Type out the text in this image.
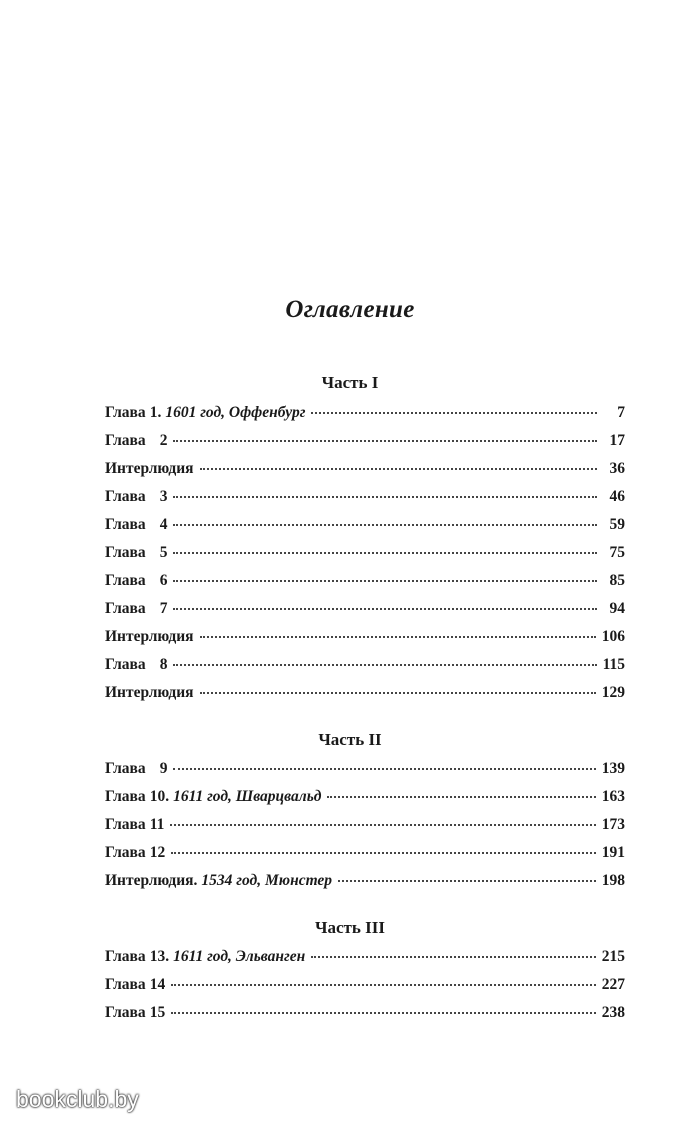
Оглавление
Часть I
Глава 1. 1601 год, Оффенбург	7
Глава 2	17
Интерлюдия	36
Глава 3	46
Глава 4	59
Глава 5	75
Глава 6	85
Глава 7	94
Интерлюдия	106
Глава 8	115
Интерлюдия	129
Часть II
Глава 9	139
Глава 10. 1611 год, Шварцвальд	163
Глава 11	173
Глава 12	191
Интерлюдия. 1534 год, Мюнстер	198
Часть III
Глава 13. 1611 год, Эльванген	215
Глава 14	227
Глава 15	238
bookclub.by
